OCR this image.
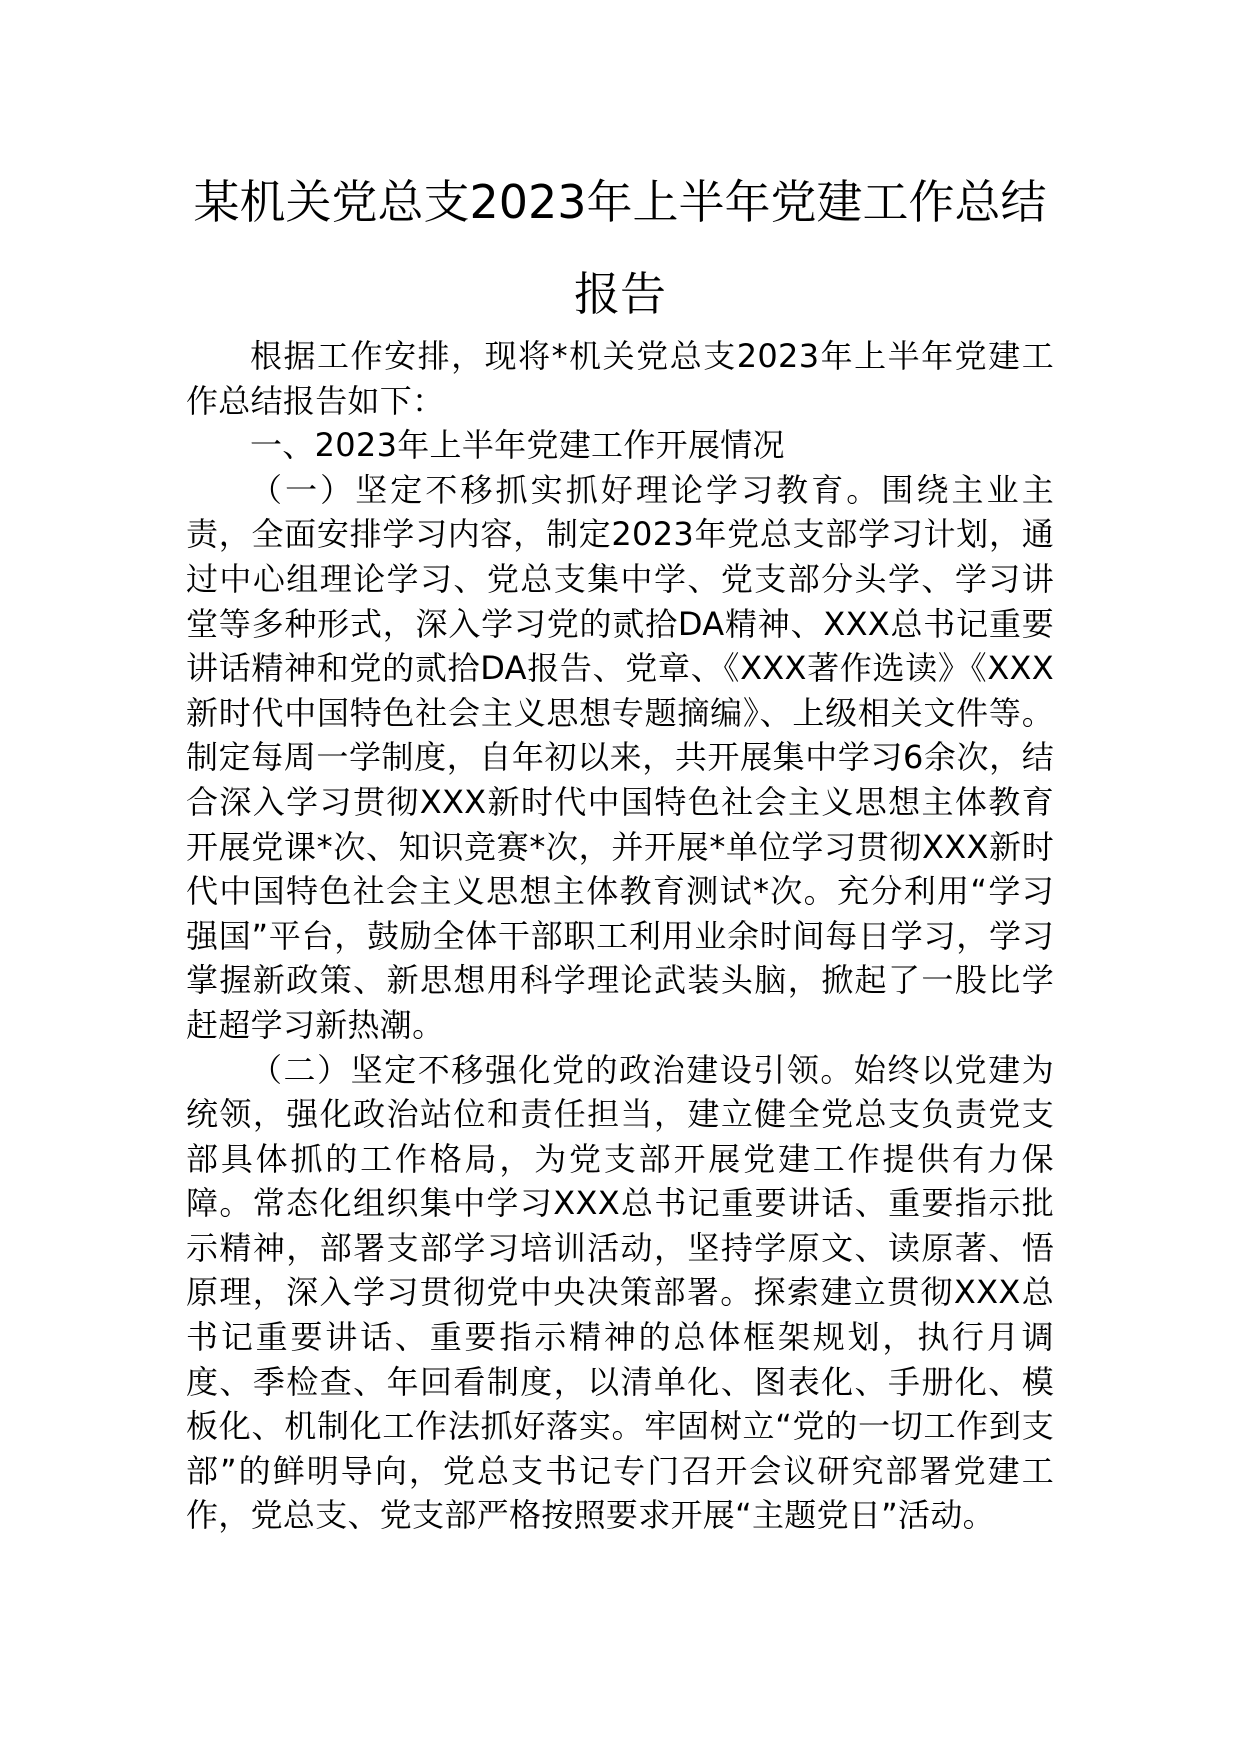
某机关党总支2023年上半年党建工作总结报告

根据工作安排，现将*机关党总支2023年上半年党建工作总结报告如下：

一、2023年上半年党建工作开展情况

（一）坚定不移抓实抓好理论学习教育。围绕主业主责，全面安排学习内容，制定2023年党总支部学习计划，通过中心组理论学习、党总支集中学、党支部分头学、学习讲堂等多种形式，深入学习党的贰拾DA精神、XXX总书记重要讲话精神和党的贰拾DA报告、党章、《XXX著作选读》《XXX新时代中国特色社会主义思想专题摘编》、上级相关文件等。制定每周一学制度，自年初以来，共开展集中学习6余次，结合深入学习贯彻XXX新时代中国特色社会主义思想主体教育开展党课*次、知识竞赛*次，并开展*单位学习贯彻XXX新时代中国特色社会主义思想主体教育测试*次。充分利用“学习强国”平台，鼓励全体干部职工利用业余时间每日学习，学习掌握新政策、新思想用科学理论武装头脑，掀起了一股比学赶超学习新热潮。

（二）坚定不移强化党的政治建设引领。始终以党建为统领，强化政治站位和责任担当，建立健全党总支负责党支部具体抓的工作格局，为党支部开展党建工作提供有力保障。常态化组织集中学习XXX总书记重要讲话、重要指示批示精神，部署支部学习培训活动，坚持学原文、读原著、悟原理，深入学习贯彻党中央决策部署。探索建立贯彻XXX总书记重要讲话、重要指示精神的总体框架规划，执行月调度、季检查、年回看制度，以清单化、图表化、手册化、模板化、机制化工作法抓好落实。牢固树立“党的一切工作到支部”的鲜明导向，党总支书记专门召开会议研究部署党建工作，党总支、党支部严格按照要求开展“主题党日”活动。
